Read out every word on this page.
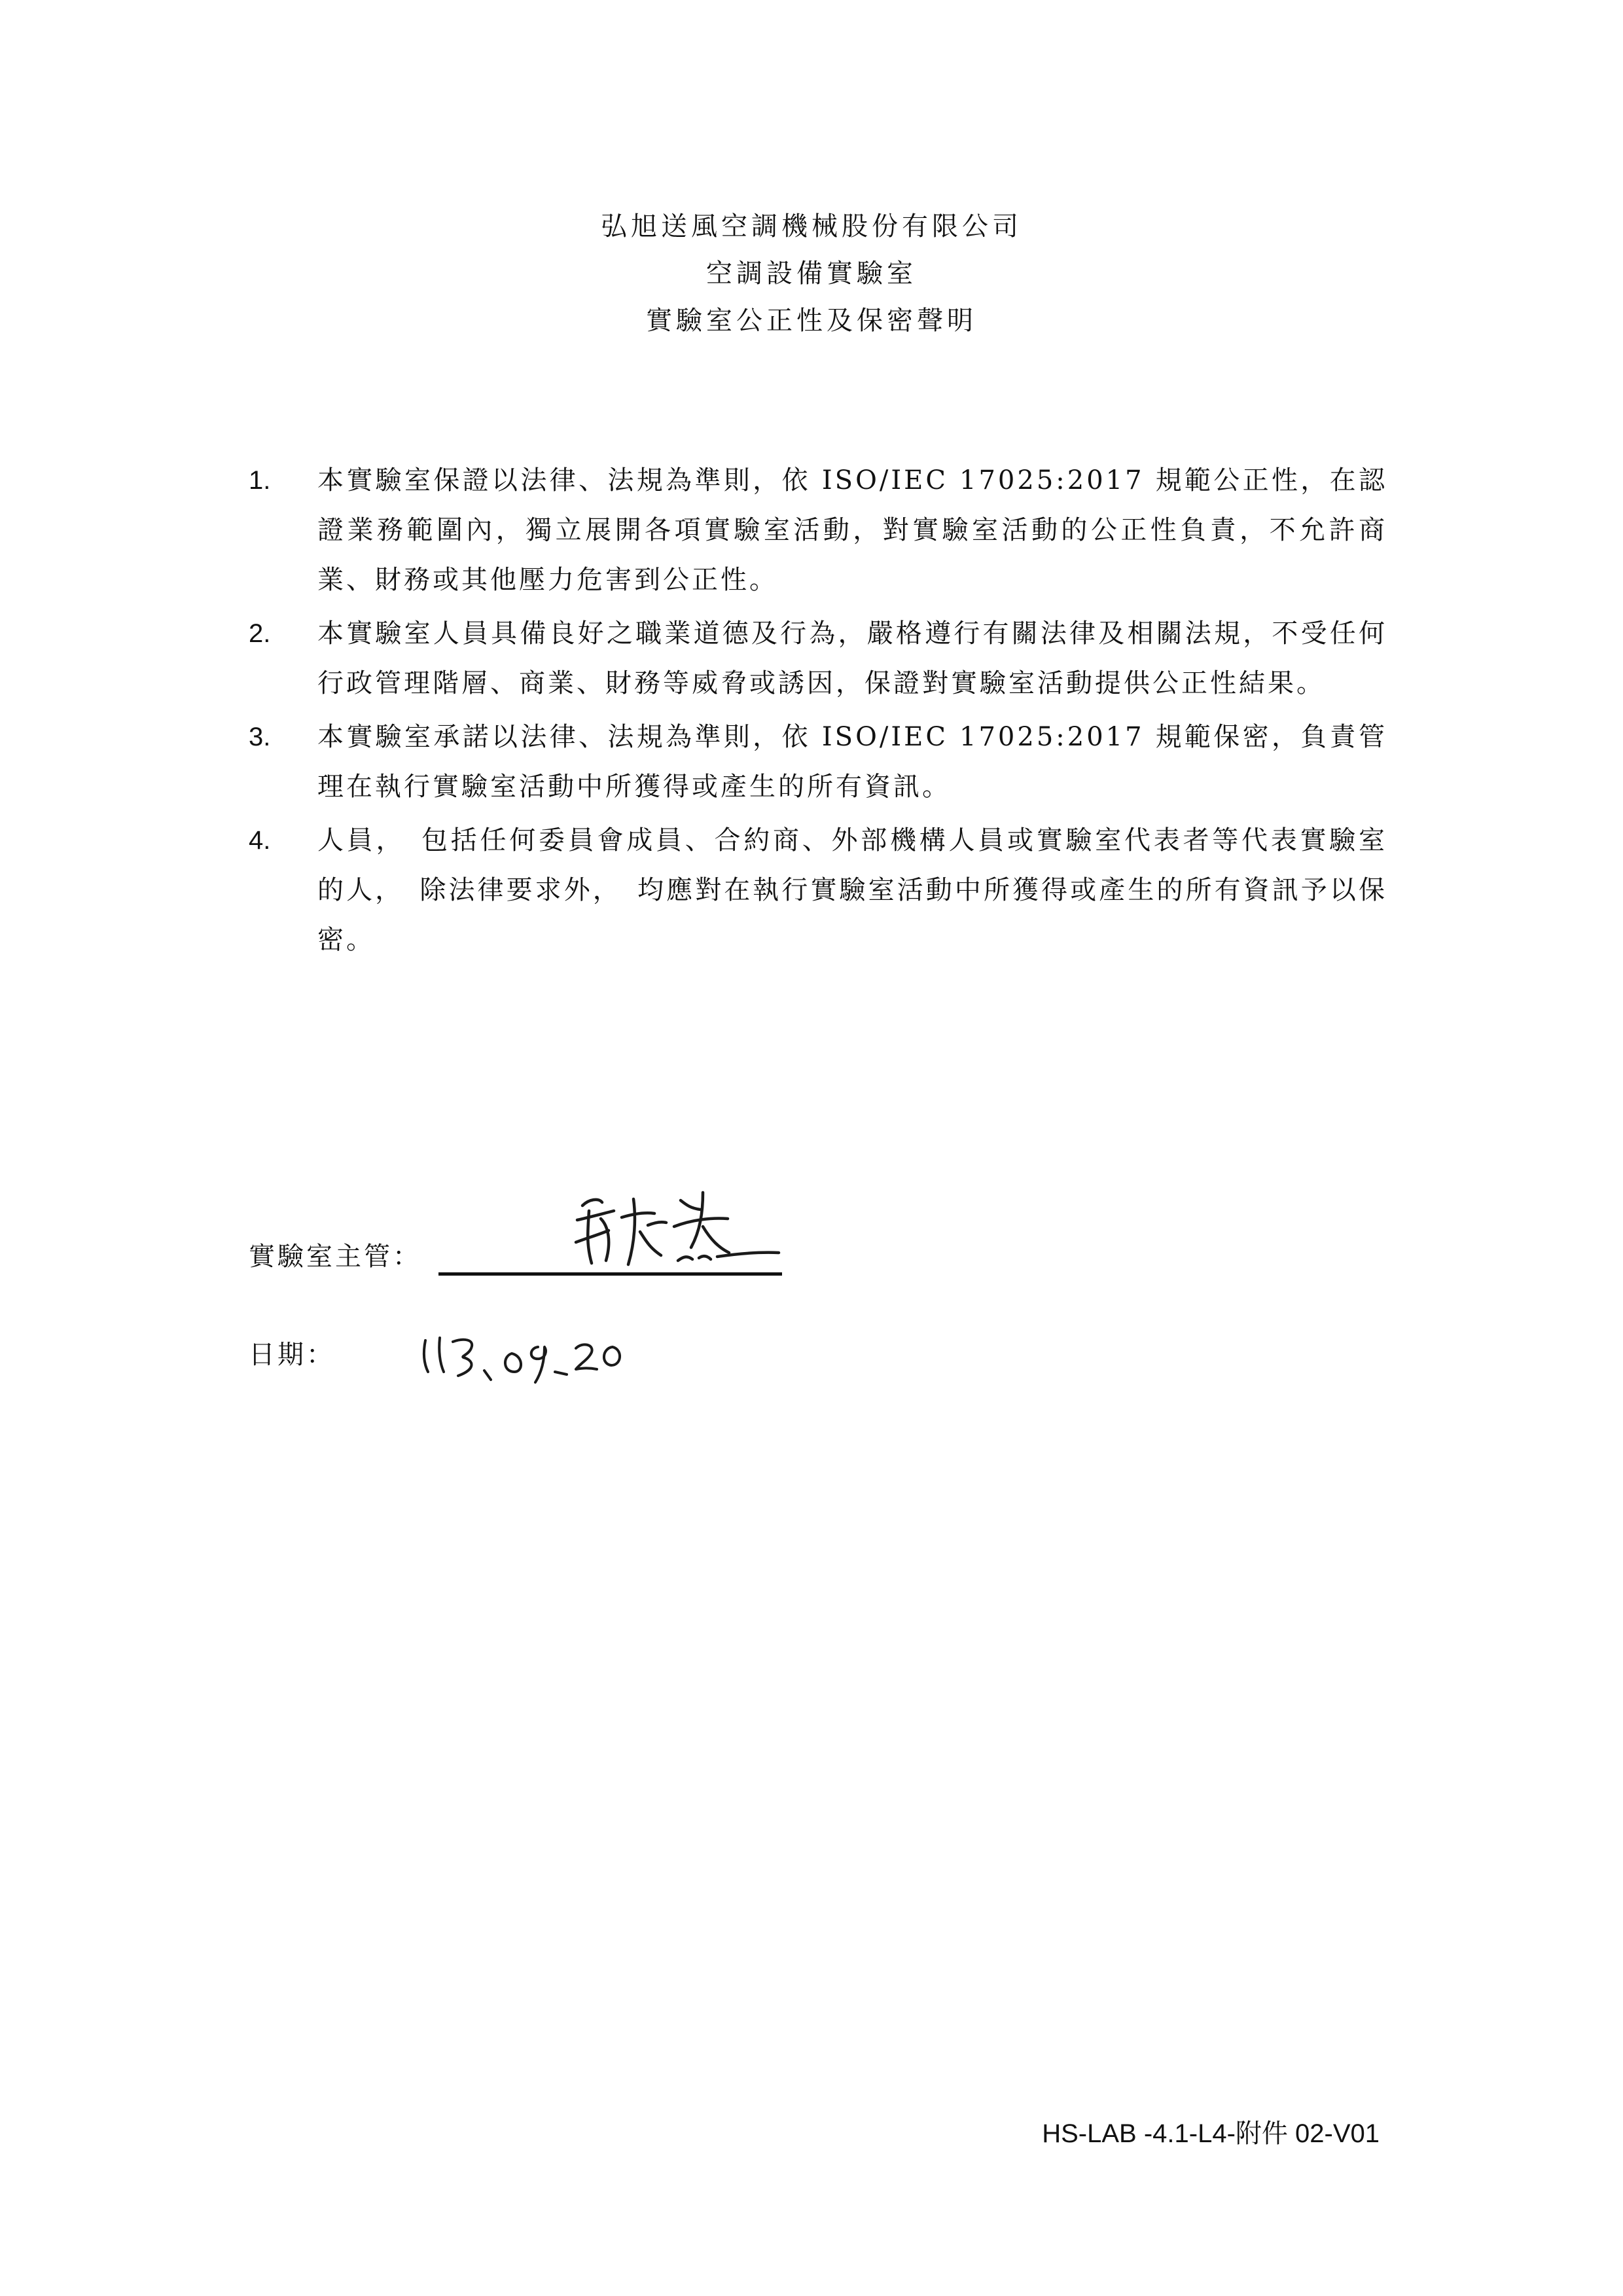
弘旭送風空調機械股份有限公司
空調設備實驗室
實驗室公正性及保密聲明
1. 本實驗室保證以法律、法規為準則，依 ISO/IEC 17025:2017 規範公正性，在認證業務範圍內，獨立展開各項實驗室活動，對實驗室活動的公正性負責，不允許商業、財務或其他壓力危害到公正性。
2. 本實驗室人員具備良好之職業道德及行為，嚴格遵行有關法律及相關法規，不受任何行政管理階層、商業、財務等威脅或誘因，保證對實驗室活動提供公正性結果。
3. 本實驗室承諾以法律、法規為準則，依 ISO/IEC 17025:2017 規範保密，負責管理在執行實驗室活動中所獲得或產生的所有資訊。
4. 人員，　包括任何委員會成員、合約商、外部機構人員或實驗室代表者等代表實驗室的人，　除法律要求外，　均應對在執行實驗室活動中所獲得或產生的所有資訊予以保密。
實驗室主管：
日期：
HS-LAB -4.1-L4-附件 02-V01
